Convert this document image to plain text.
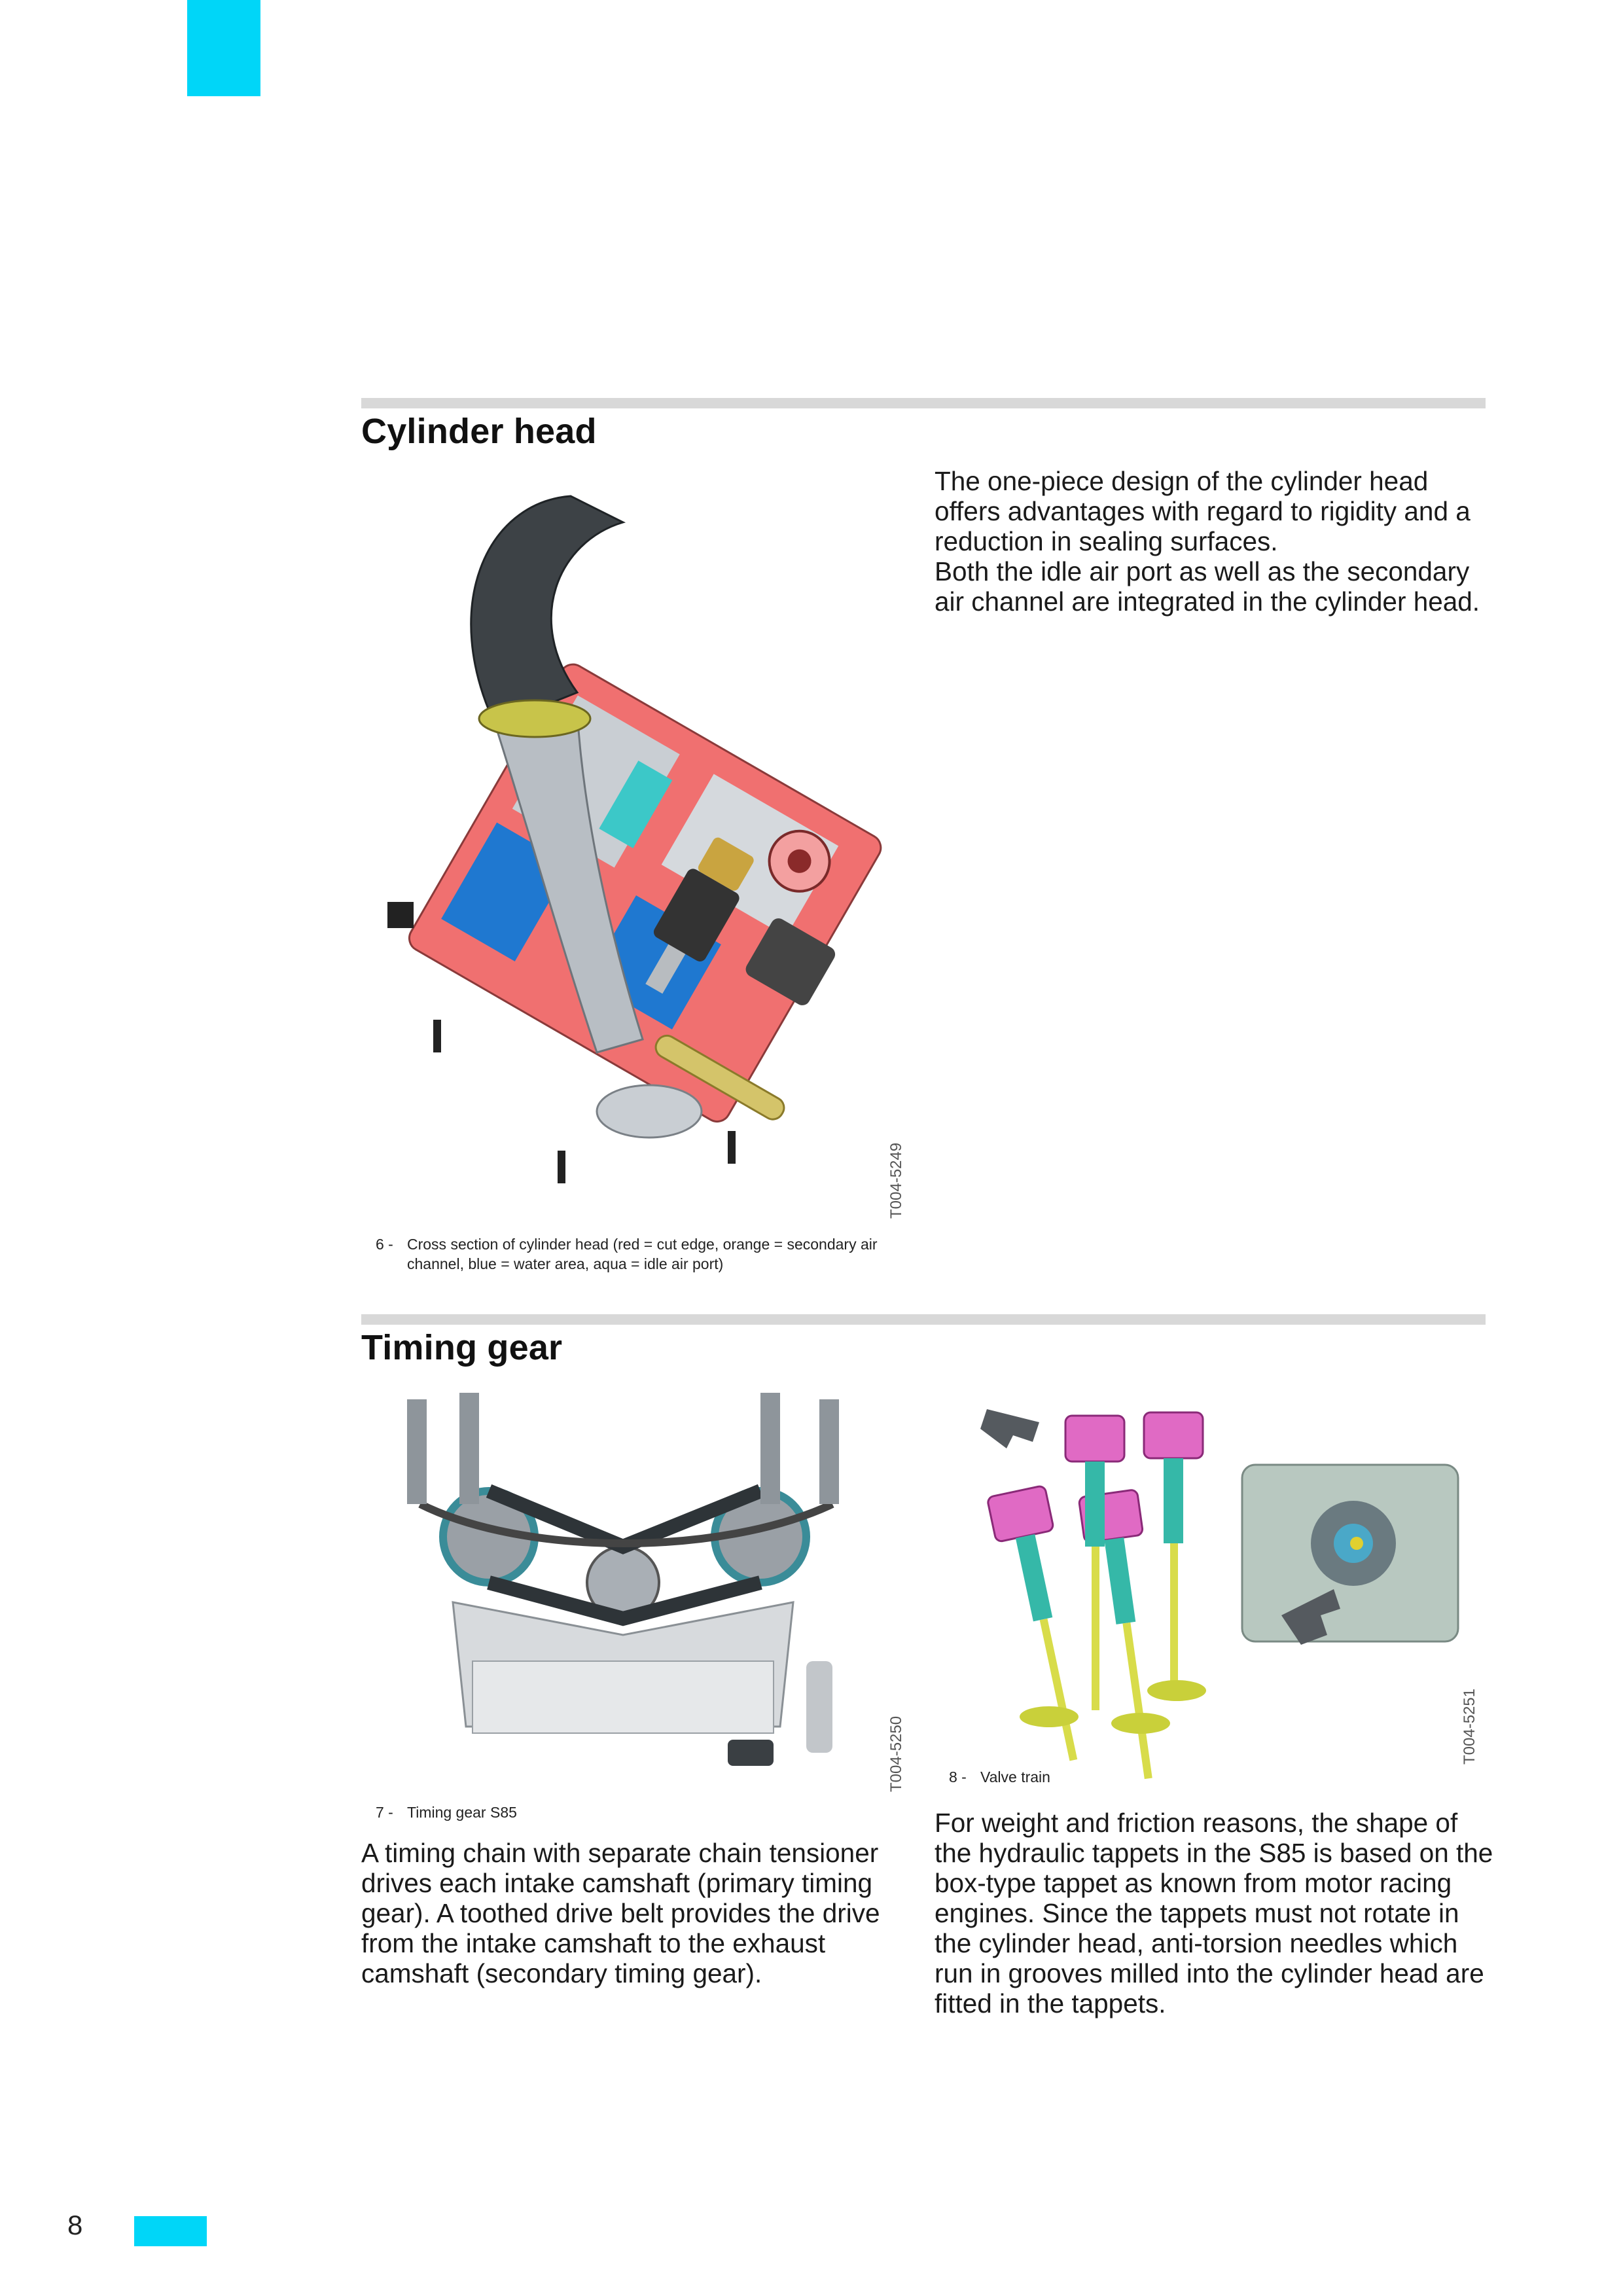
8
Cylinder head

The one-piece design of the cylinder head offers advantages with regard to rigidity and a reduction in sealing surfaces.

Both the idle air port as well as the secondary air channel are integrated in the cylinder head.

T004-5249
6 - Cross section of cylinder head (red = cut edge, orange = secondary air channel, blue = water area, aqua = idle air port)
Timing gear
T004-5250	T004-5251
8 - Valve train
7 - Timing gear S85

A timing chain with separate chain tensioner drives each intake camshaft (primary timing gear). A toothed drive belt provides the drive from the intake camshaft to the exhaust camshaft (secondary timing gear).

For weight and friction reasons, the shape of the hydraulic tappets in the S85 is based on the box-type tappet as known from motor racing engines. Since the tappets must not rotate in the cylinder head, anti-torsion needles which run in grooves milled into the cylinder head are fitted in the tappets.
